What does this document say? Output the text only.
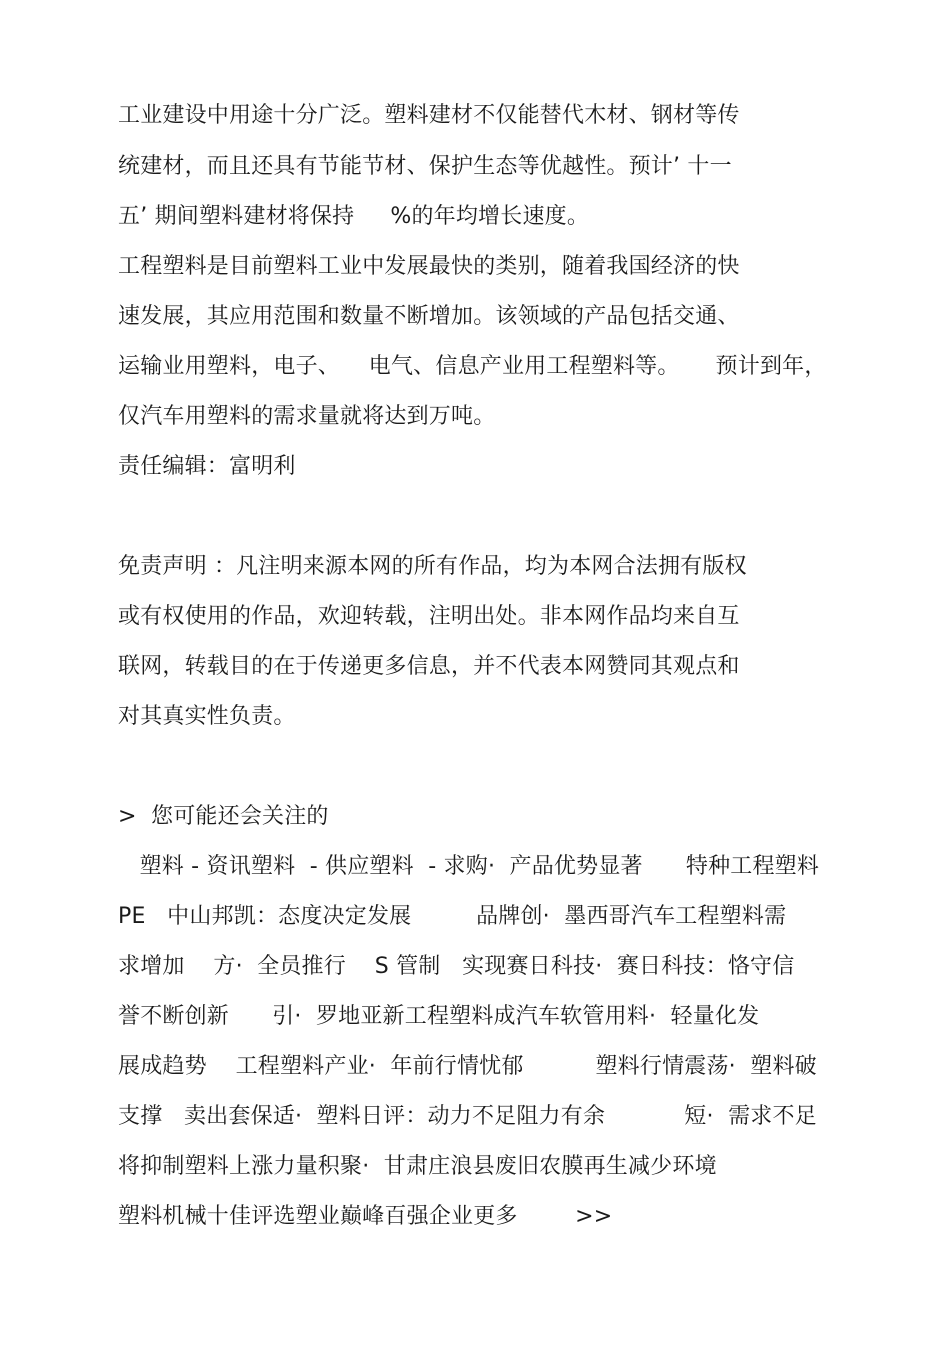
工业建设中用途十分广泛。塑料建材不仅能替代木材、钢材等传
统建材，而且还具有节能节材、保护生态等优越性。预计’ 十一
五’ 期间塑料建材将保持     %的年均增长速度。
工程塑料是目前塑料工业中发展最快的类别，随着我国经济的快
速发展，其应用范围和数量不断增加。该领域的产品包括交通、
运输业用塑料，电子、    电气、信息产业用工程塑料等。     预计到年，
仅汽车用塑料的需求量就将达到万吨。
责任编辑：富明利
免责声明 ：凡注明来源本网的所有作品，均为本网合法拥有版权
或有权使用的作品，欢迎转载，注明出处。非本网作品均来自互
联网，转载目的在于传递更多信息，并不代表本网赞同其观点和
对其真实性负责。
>  您可能还会关注的
塑料 - 资讯塑料  - 供应塑料  - 求购·  产品优势显著      特种工程塑料
PE   中山邦凯：态度决定发展         品牌创·  墨西哥汽车工程塑料需
求增加    方·  全员推行    S 管制   实现赛日科技·  赛日科技：恪守信
誉不断创新      引·  罗地亚新工程塑料成汽车软管用料·  轻量化发
展成趋势    工程塑料产业·  年前行情忧郁          塑料行情震荡·  塑料破
支撑   卖出套保适·  塑料日评：动力不足阻力有余           短·  需求不足
将抑制塑料上涨力量积聚·  甘肃庄浪县废旧农膜再生减少环境
塑料机械十佳评选塑业巅峰百强企业更多        >>
